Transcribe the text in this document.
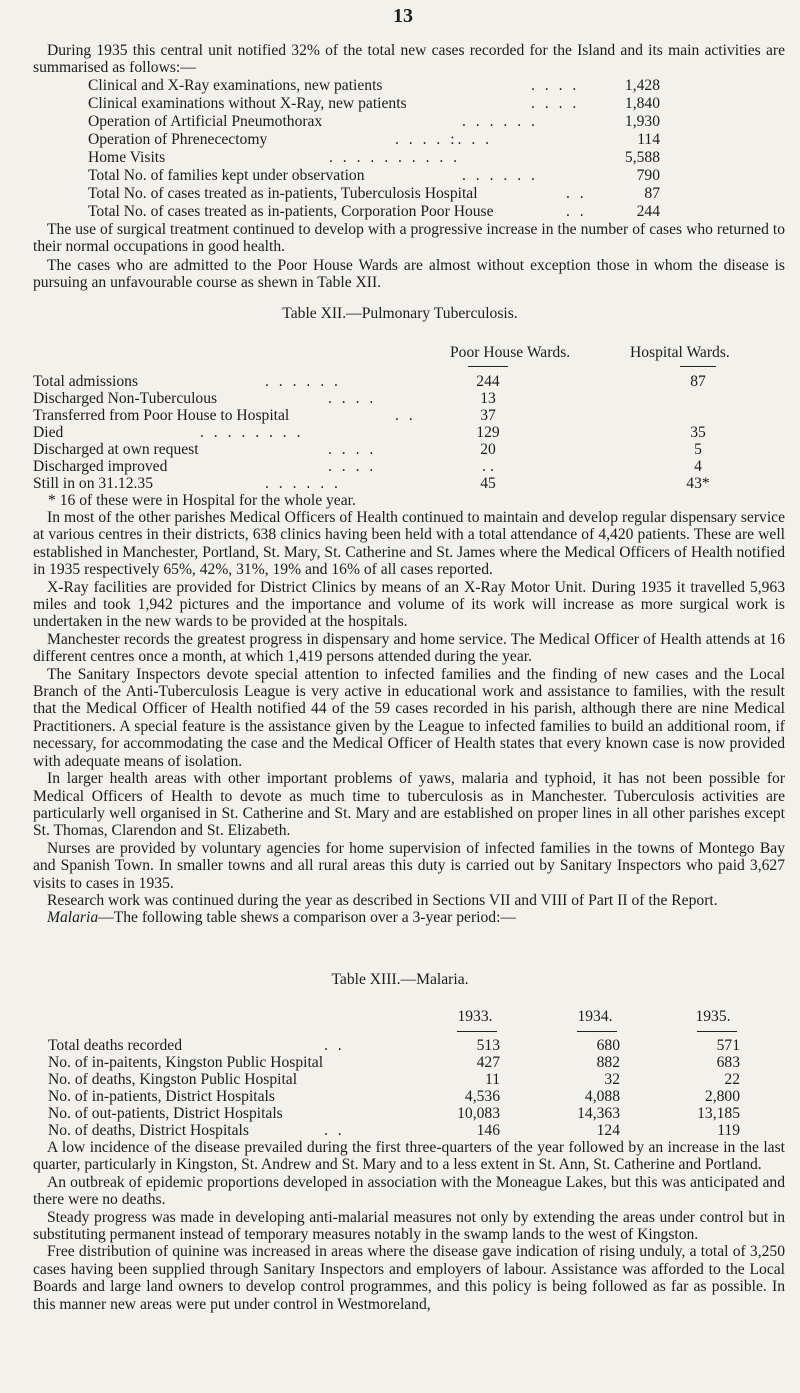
13
During 1935 this central unit notified 32% of the total new cases recorded for the Island and its main activities are summarised as follows:—
Clinical and X-Ray examinations, new patients	. . . .	1,428
Clinical examinations without X-Ray, new patients	. . . .	1,840
Operation of Artificial Pneumothorax	. . . . . .	1,930
Operation of Phrenecectomy	. . . . :. . .	114
Home Visits	. . . . . . . . . .	5,588
Total No. of families kept under observation	. . . . . .	790
Total No. of cases treated as in-patients, Tuberculosis Hospital	. .	87
Total No. of cases treated as in-patients, Corporation Poor House	. .	244
The use of surgical treatment continued to develop with a progressive increase in the number of cases who returned to their normal occupations in good health.
The cases who are admitted to the Poor House Wards are almost without exception those in whom the disease is pursuing an unfavourable course as shewn in Table XII.
Table XII.—Pulmonary Tuberculosis.
Poor House Wards.	Hospital Wards.
Total admissions	. . . . . .	244	87
Discharged Non-Tuberculous	. . . .	13
Transferred from Poor House to Hospital	. .	37
Died	. . . . . . . .	129	35
Discharged at own request	. . . .	20	5
Discharged improved	. . . .	. .	4
Still in on 31.12.35	. . . . . .	45	43*
* 16 of these were in Hospital for the whole year.
In most of the other parishes Medical Officers of Health continued to maintain and develop regular dispensary service at various centres in their districts, 638 clinics having been held with a total attendance of 4,420 patients. These are well established in Manchester, Portland, St. Mary, St. Catherine and St. James where the Medical Officers of Health notified in 1935 respectively 65%, 42%, 31%, 19% and 16% of all cases reported.
X-Ray facilities are provided for District Clinics by means of an X-Ray Motor Unit. During 1935 it travelled 5,963 miles and took 1,942 pictures and the importance and volume of its work will increase as more surgical work is undertaken in the new wards to be provided at the hospitals.
Manchester records the greatest progress in dispensary and home service. The Medical Officer of Health attends at 16 different centres once a month, at which 1,419 persons attended during the year.
The Sanitary Inspectors devote special attention to infected families and the finding of new cases and the Local Branch of the Anti-Tuberculosis League is very active in educational work and assistance to families, with the result that the Medical Officer of Health notified 44 of the 59 cases recorded in his parish, although there are nine Medical Practitioners. A special feature is the assistance given by the League to infected families to build an additional room, if necessary, for accommodating the case and the Medical Officer of Health states that every known case is now provided with adequate means of isolation.
In larger health areas with other important problems of yaws, malaria and typhoid, it has not been possible for Medical Officers of Health to devote as much time to tuberculosis as in Manchester. Tuberculosis activities are particularly well organised in St. Catherine and St. Mary and are established on proper lines in all other parishes except St. Thomas, Clarendon and St. Elizabeth.
Nurses are provided by voluntary agencies for home supervision of infected families in the towns of Montego Bay and Spanish Town. In smaller towns and all rural areas this duty is carried out by Sanitary Inspectors who paid 3,627 visits to cases in 1935.
Research work was continued during the year as described in Sections VII and VIII of Part II of the Report.
Malaria—The following table shews a comparison over a 3-year period:—
Table XIII.—Malaria.
1933.	1934.	1935.
Total deaths recorded	. .	513	680	571
No. of in-paitents, Kingston Public Hospital	427	882	683
No. of deaths, Kingston Public Hospital	11	32	22
No. of in-patients, District Hospitals	4,536	4,088	2,800
No. of out-patients, District Hospitals	10,083	14,363	13,185
No. of deaths, District Hospitals	. .	146	124	119
A low incidence of the disease prevailed during the first three-quarters of the year followed by an increase in the last quarter, particularly in Kingston, St. Andrew and St. Mary and to a less extent in St. Ann, St. Catherine and Portland.
An outbreak of epidemic proportions developed in association with the Moneague Lakes, but this was anticipated and there were no deaths.
Steady progress was made in developing anti-malarial measures not only by extending the areas under control but in substituting permanent instead of temporary measures notably in the swamp lands to the west of Kingston.
Free distribution of quinine was increased in areas where the disease gave indication of rising unduly, a total of 3,250 cases having been supplied through Sanitary Inspectors and employers of labour. Assistance was afforded to the Local Boards and large land owners to develop control programmes, and this policy is being followed as far as possible. In this manner new areas were put under control in Westmoreland,
